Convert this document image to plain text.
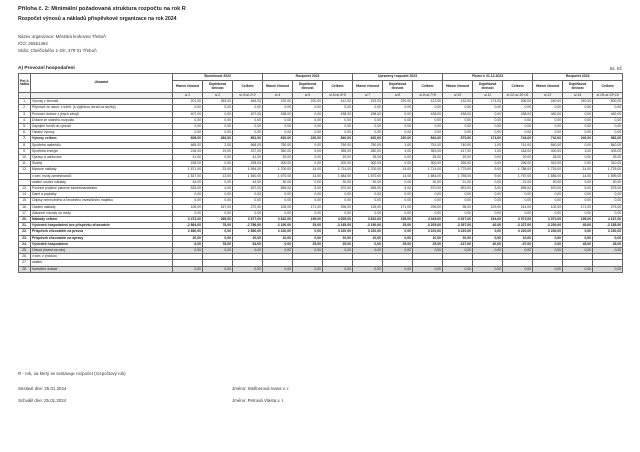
Příloha č. 2: Minimální požadovaná struktura rozpočtu na rok R
Rozpočet výnosů a nákladů příspěvkové organizace na rok 2024
Název organizace: Městská knihovna Třeboň
IČO: 26551464
Sídlo: Chelčického 1-2/II, 379 01 Třeboň
A) Provozní hospodaření	tis. Kč
Poř.č. řádku	Ukazatel	Skutečnost 2022			Rozpočet 2023			Upravený rozpočet 2023			Plnění k 31.12.2023			Rozpočet 2024		
		Hlavní činnost	Doplňková činnost	Celkem	Hlavní činnost	Doplňková činnost	Celkem	Hlavní činnost	Doplňková činnost	Celkem	Hlavní činnost	Doplňková činnost	Celkem	Hlavní činnost	Doplňková činnost	Celkem
		sl.1	sl.2	sl.3=sl.1+2	sl.4	sl.5	sl.6=sl.4+5	sl.7	sl.8	sl.9=sl.7+8	sl.10	sl.11	sl.12=sl.10+11	sl.13	sl.14	sl.15=sl.13+14
1.	Výnosy z činnosti	201,00	283,00	484,00	192,00	220,00	412,00	192,00	220,00	412,00	132,00	174,00	306,00	240,00	240,00	500,00
2.	Příjmové ze úsluh. z tržeb. (s výjimkou úhrad za služby)	0,00	0,00	0,00	0,00	0,00	0,00	0,00	0,00	0,00	0,00	0,00	0,00	0,00	0,00	0,00
3.	Provozní dotace z jiných zdrojů	407,00	0,00	407,00	438,00	0,00	438,00	438,00	0,00	438,00	438,00	0,00	438,00	462,00	0,00	462,00
4.	Dotace ze státního rozpočtu	0,00	0,00	0,00	0,00	0,00	0,00	0,00	0,00	0,00	0,00	0,00	0,00	0,00	0,00	0,00
5.	Zapojení fondů do výnosů	0,00	0,00	0,00	0,00	0,00	0,00	0,00	0,00	0,00	0,00	0,00	0,00	0,00	0,00	0,00
6.	Ostatní výnosy	0,00	0,00	0,00	0,00	0,00	0,00	0,00	0,00	0,00	0,00	0,00	0,00	0,00	0,00	0,00
7.	Výnosy celkem	608,00	283,00	891,00	620,00	220,00	840,00	620,00	220,00	840,00	570,00	174,00	744,00	742,00	240,00	982,00
8.	Spotřeba materiálu	665,00	2,00	668,00	750,00	0,00	750,00	750,00	1,00	751,00	740,00	1,00	741,00	840,00	0,00	840,00
9.	Spotřeba energie	218,00	19,00	237,00	350,00	5,00	355,00	350,00	3,00	353,00	417,00	1,00	418,00	400,00	3,00	403,00
10.	Opravy a udržování	41,00	0,00	41,00	20,00	0,00	20,00	25,00	0,00	25,00	20,00	0,00	20,00	25,00	0,00	25,00
11.	Služby	228,00	0,00	228,00	300,00	0,00	300,00	300,00	0,00	300,00	296,00	0,00	296,00	310,00	0,00	310,00
12.	Mzdové náklady	1 571,00	23,00	1 594,00	1 700,00	14,00	1 714,00	1 700,00	14,00	1 714,00	1 779,00	9,00	1 788,00	1 715,00	14,00	1 729,00
	v tom: mzdy zaměstnanců	1 527,00	13,00	1 540,00	1 670,00	14,00	1 684,00	1 670,00	14,00	1 684,00	1 758,00	9,00	1 767,00	1 685,00	14,00	1 699,00
	ostatní osobní náklady	44,00	0,00	44,00	30,00	0,00	30,00	30,00	0,00	30,00	21,00	0,00	21,00	30,00	0,00	30,00
13.	Povinné pojistné placené zaměstnavatelem	533,00	4,00	537,00	565,00	5,00	570,00	565,00	5,00	570,00	592,00	3,00	595,00	570,00	5,00	575,00
14.	Daně a poplatky	0,00	0,00	0,00	0,00	0,00	0,00	0,00	0,00	0,00	0,00	0,00	0,00	0,00	0,00	0,00
15.	Odpisy nehmotného a hmotného investičního majetku	0,00	0,00	0,00	0,00	0,00	0,00	0,00	0,00	0,00	0,00	0,00	0,00	0,00	0,00	0,00
16.	Ostatní náklady	105,00	167,00	272,00	125,00	171,00	296,00	125,00	171,00	296,00	98,00	129,00	214,00	102,00	171,00	273,00
17.	Zákonné odvody na mzdy	0,00	0,00	0,00	0,00	0,00	0,00	0,00	0,00	0,00	0,00	0,00	0,00	0,00	0,00	0,00
20.	Náklady celkem	3 472,00	265,00	3 677,00	3 810,00	195,00	4 005,00	3 810,00	195,00	4 045,00	3 927,00	154,00	3 971,00	3 972,00	195,00	4 167,00
21.	Výsledek hospodaření bez příspěvku zřizovatele	-2 864,00	78,00	-2 786,00	-3 190,00	25,00	-3 165,00	-3 190,00	25,00	-3 205,00	-3 357,00	40,00	-3 227,00	-3 230,00	45,00	-3 185,00
22.	Příspěvek zřizovatele na provoz	2 850,00	0,00	2 850,00	3 220,00	0,00	3 220,00	3 220,00	0,00	3 220,00	3 220,00	0,00	3 220,00	3 230,00	0,00	3 230,00
23.	Příspěvek zřizovatele na opravy	20,00	0,00	20,00	10,00	0,00	10,00	10,00	0,00	10,00	10,00	0,00	10,00	0,00	0,00	0,00
24.	Výsledek hospodaření	6,00	78,00	84,00	0,00	25,00	25,00	0,00	25,00	25,00	-137,00	40,00	-97,00	0,00	45,00	45,00
25.	Odvod (invest.na min)	0,00	0,00	0,00	0,00	0,00	0,00	0,00	0,00	0,00	0,00	0,00	0,00	0,00	0,00	0,00
26.	v tom: z provozu															
27.	ostatní															
28.	Investiční dotace	0,00	0,00	0,00	0,00	0,00	0,00	0,00	0,00	0,00	0,00	0,00	0,00	0,00	0,00	0,00
R - rok, na který se sestavuje rozpočet (rozpočtový rok)
Sestavil dne: 25.01.2024	Jméno: Stellnerová Ivana v. r.
Schválil dne: 25.01.2024	Jméno: Petrová Vlasta v. r.
